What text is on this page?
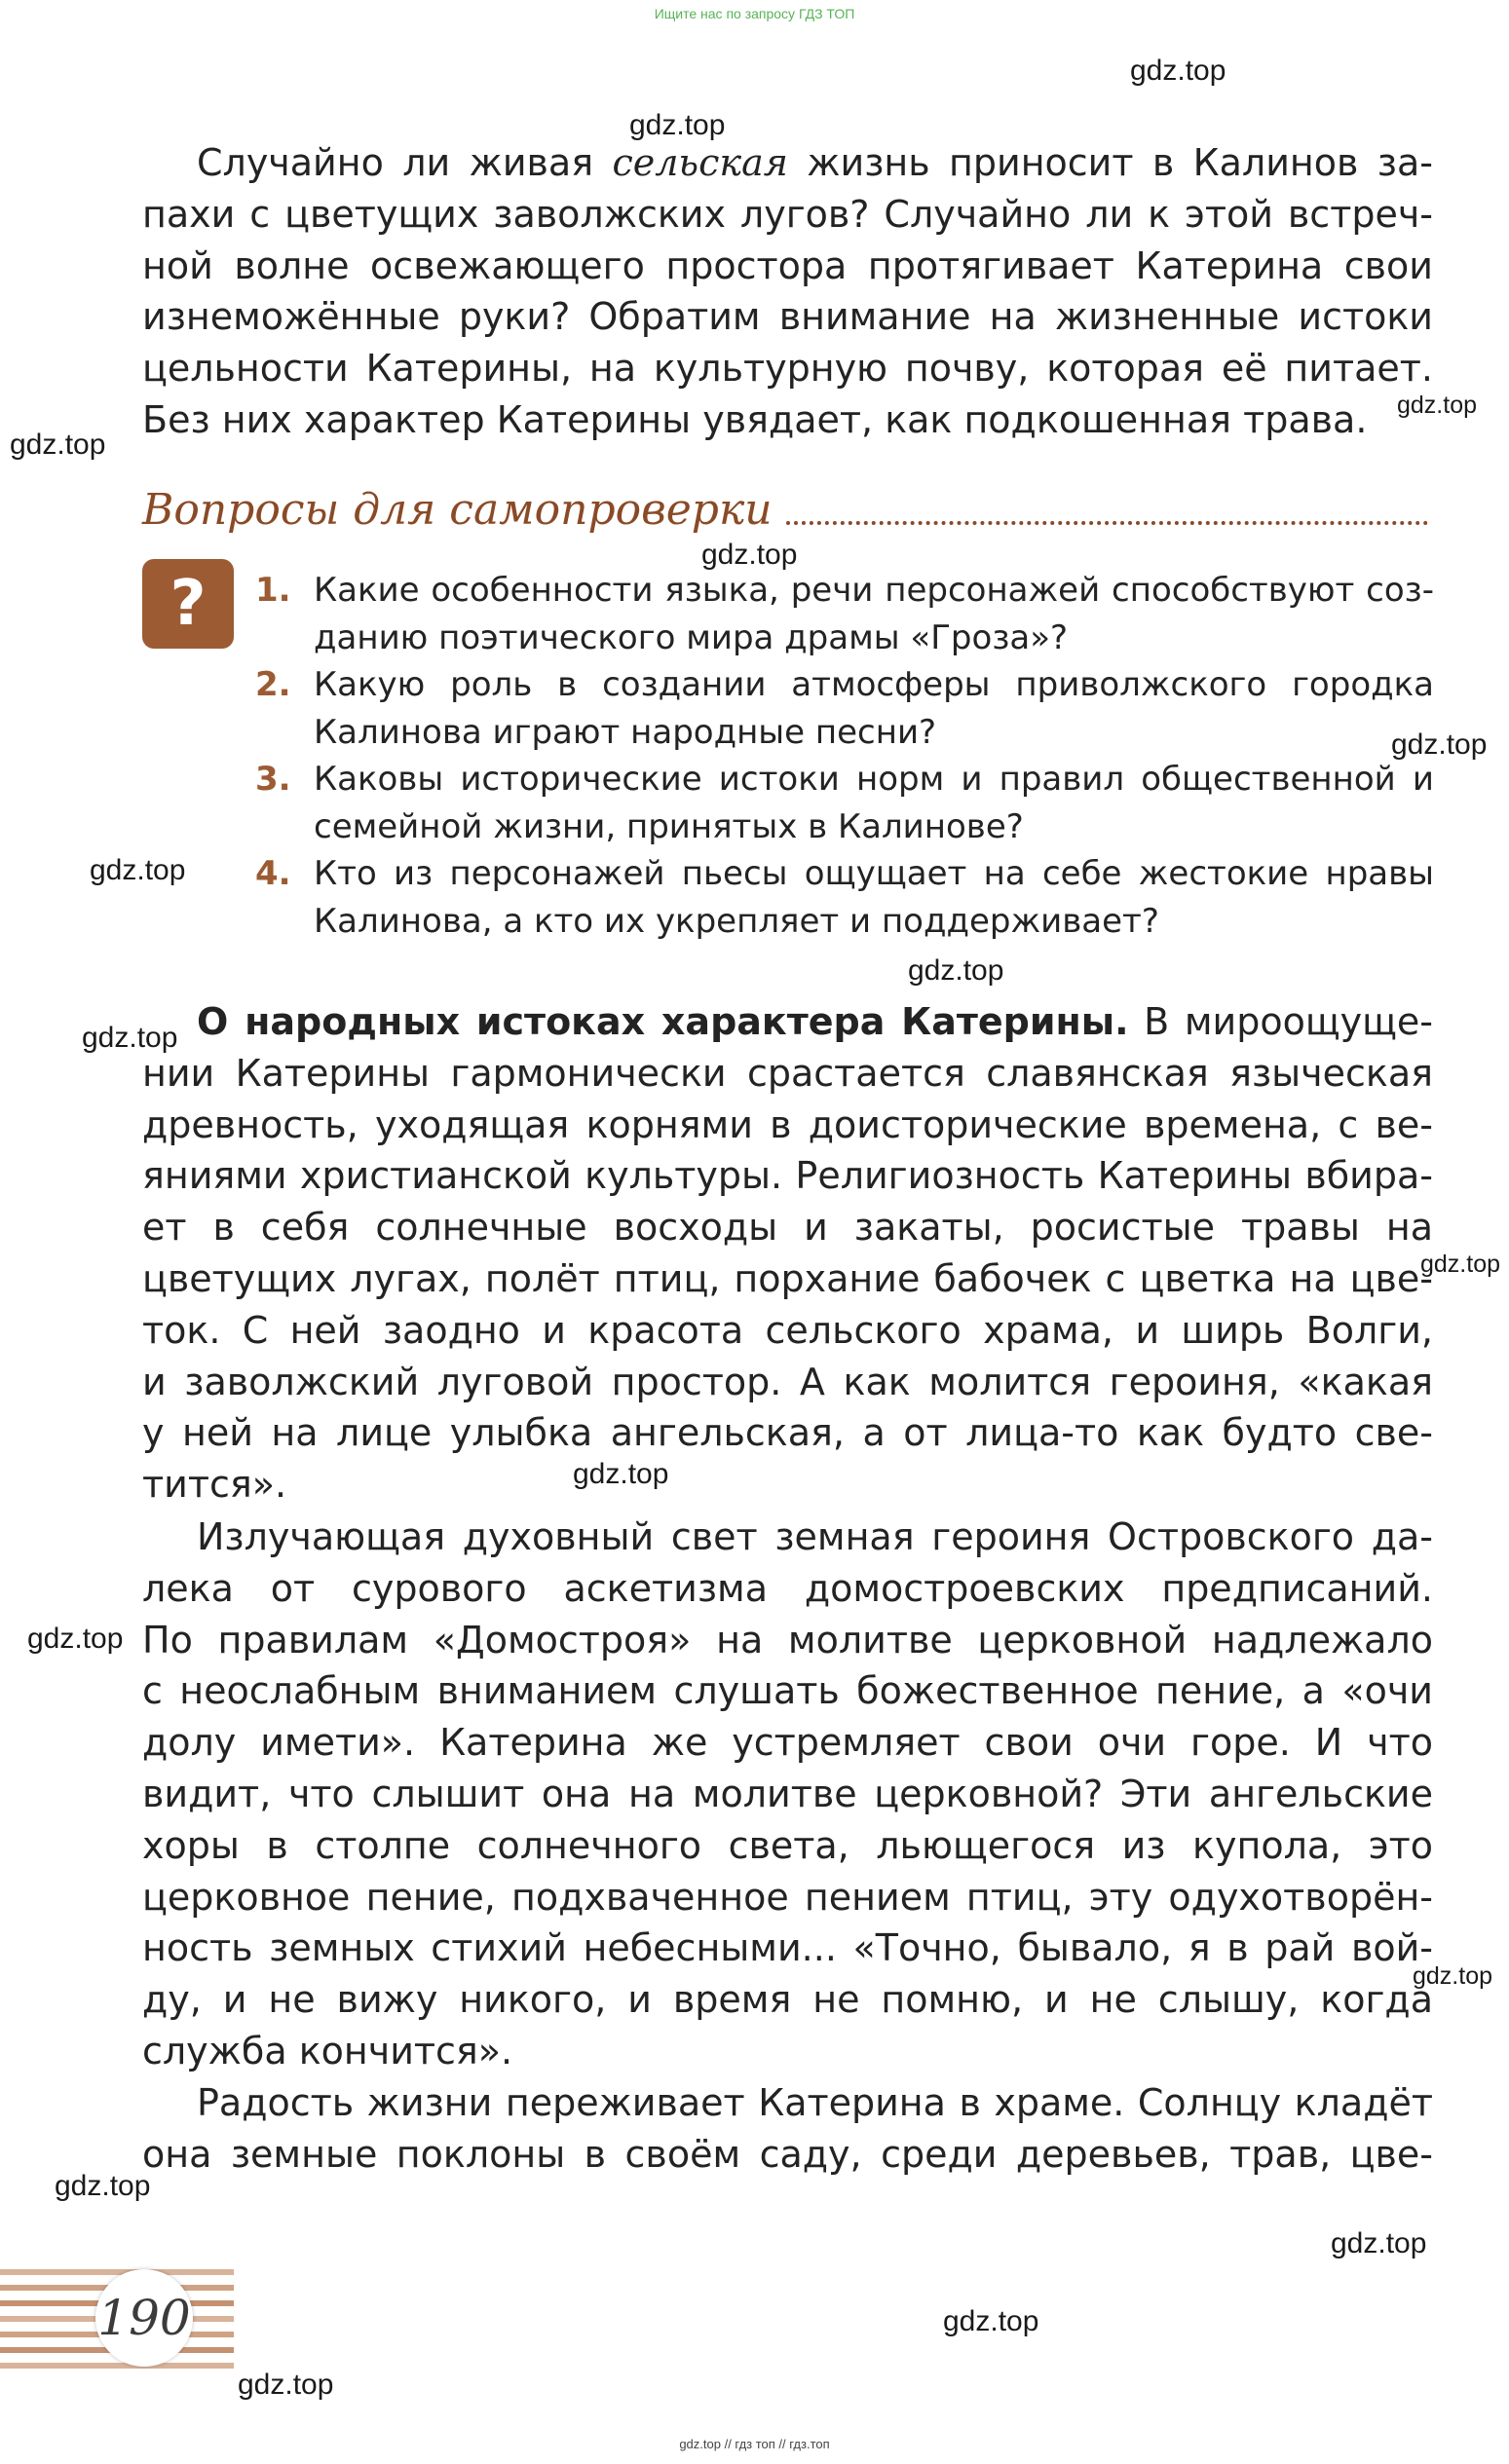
Ищите нас по запросу ГДЗ ТОП
gdz.top // гдз топ // гдз.топ
Случайно ли живая сельская жизнь приносит в Калинов за-
пахи с цветущих заволжских лугов? Случайно ли к этой встреч-
ной волне освежающего простора протягивает Катерина свои
изнеможённые руки? Обратим внимание на жизненные истоки
цельности Катерины, на культурную почву, которая её питает.
Без них характер Катерины увядает, как подкошенная трава.
Вопросы для самопроверки
?	1. Какие особенности языка, речи персонажей способствуют соз-
данию поэтического мира драмы «Гроза»?
2. Какую роль в создании атмосферы приволжского городка
Калинова играют народные песни?
3. Каковы исторические истоки норм и правил общественной и
семейной жизни, принятых в Калинове?
4. Кто из персонажей пьесы ощущает на себе жестокие нравы
Калинова, а кто их укрепляет и поддерживает?
О народных истоках характера Катерины. В мироощуще-
нии Катерины гармонически срастается славянская языческая
древность, уходящая корнями в доисторические времена, с ве-
яниями христианской культуры. Религиозность Катерины вбира-
ет в себя солнечные восходы и закаты, росистые травы на
цветущих лугах, полёт птиц, порхание бабочек с цветка на цве-
ток. С ней заодно и красота сельского храма, и ширь Волги,
и заволжский луговой простор. А как молится героиня, «какая
у ней на лице улыбка ангельская, а от лица-то как будто све-
тится».
Излучающая духовный свет земная героиня Островского да-
лека от сурового аскетизма домостроевских предписаний.
По правилам «Домостроя» на молитве церковной надлежало
с неослабным вниманием слушать божественное пение, а «очи
долу имети». Катерина же устремляет свои очи горе. И что
видит, что слышит она на молитве церковной? Эти ангельские
хоры в столпе солнечного света, льющегося из купола, это
церковное пение, подхваченное пением птиц, эту одухотворён-
ность земных стихий небесными... «Точно, бывало, я в рай вой-
ду, и не вижу никого, и время не помню, и не слышу, когда
служба кончится».
Радость жизни переживает Катерина в храме. Солнцу кладёт
она земные поклоны в своём саду, среди деревьев, трав, цве-
190
gdz.top
gdz.top
gdz.top
gdz.top
gdz.top
gdz.top
gdz.top
gdz.top
gdz.top
gdz.top
gdz.top
gdz.top
gdz.top
gdz.top
gdz.top
gdz.top
gdz.top
